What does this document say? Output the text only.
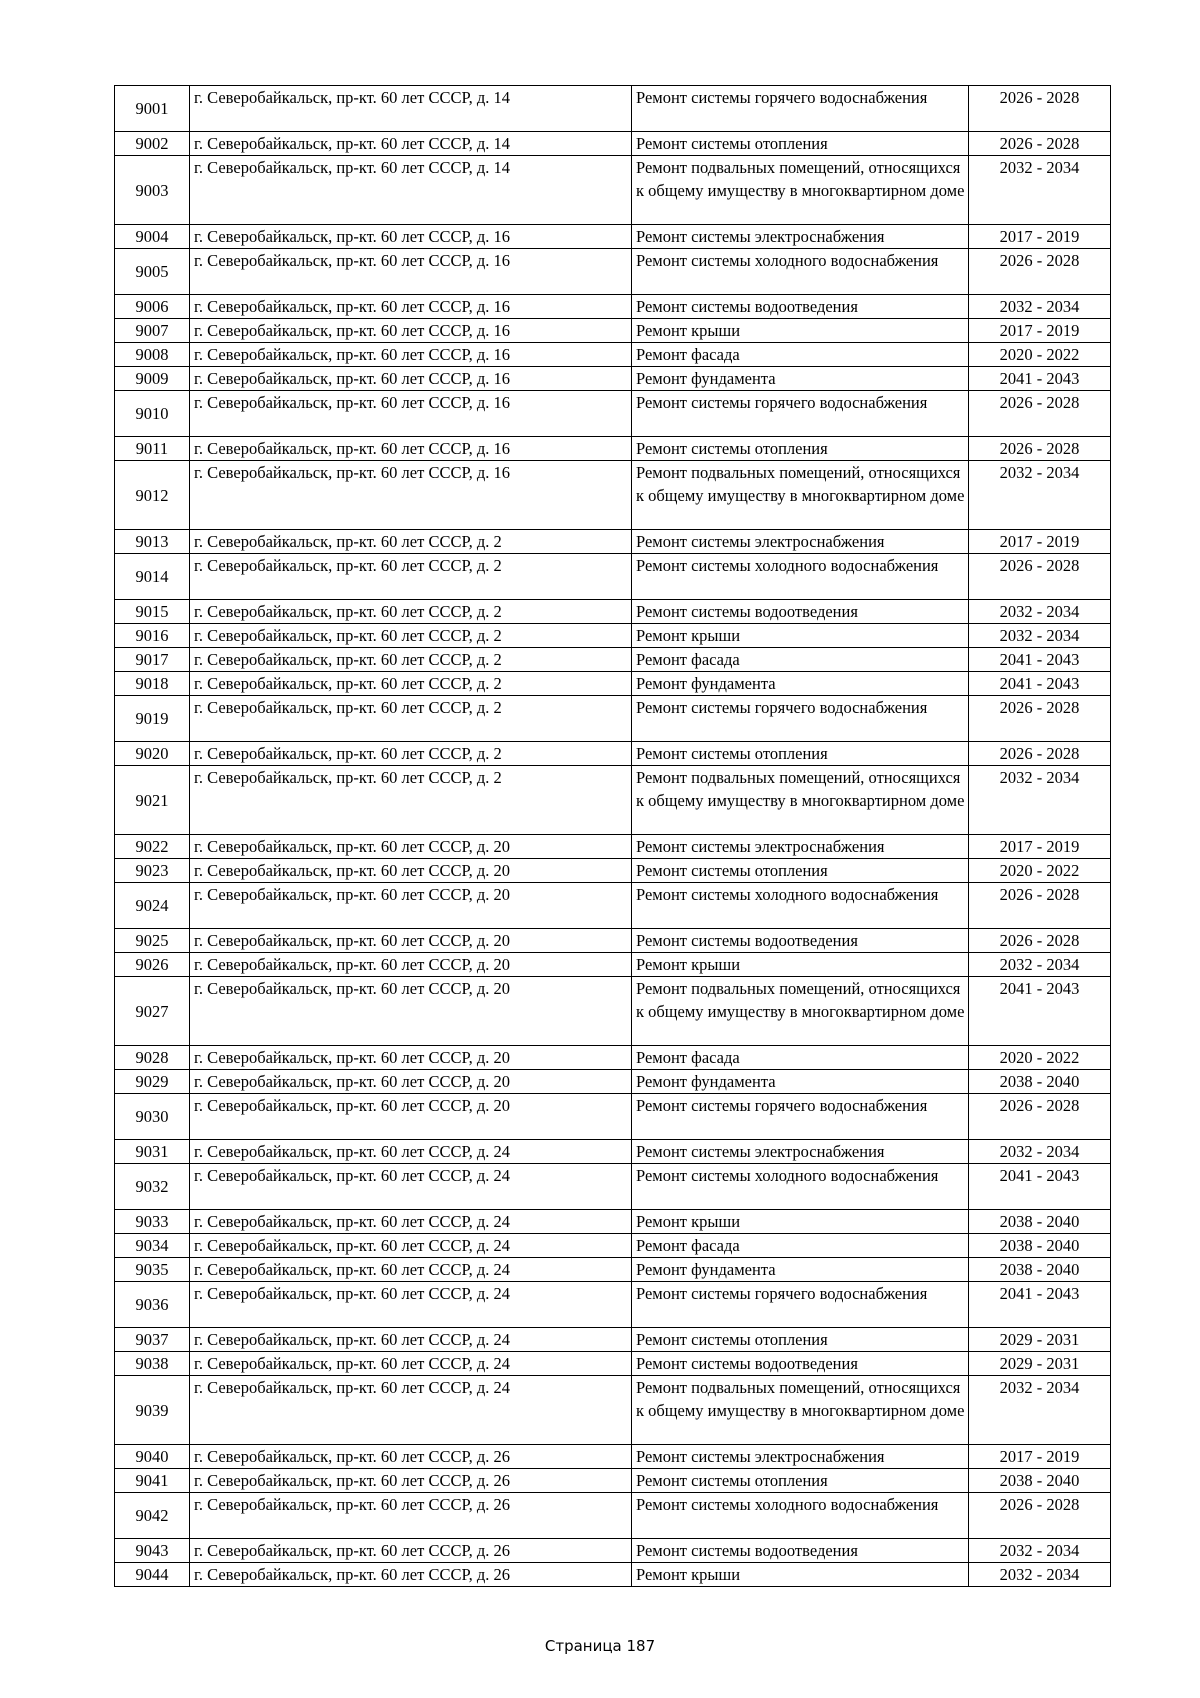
9001	г. Северобайкальск, пр-кт. 60 лет СССР, д. 14	Ремонт системы горячего водоснабжения	2026 - 2028
9002	г. Северобайкальск, пр-кт. 60 лет СССР, д. 14	Ремонт системы отопления	2026 - 2028
9003	г. Северобайкальск, пр-кт. 60 лет СССР, д. 14	Ремонт подвальных помещений, относящихся к общему имуществу в многоквартирном доме	2032 - 2034
9004	г. Северобайкальск, пр-кт. 60 лет СССР, д. 16	Ремонт системы электроснабжения	2017 - 2019
9005	г. Северобайкальск, пр-кт. 60 лет СССР, д. 16	Ремонт системы холодного водоснабжения	2026 - 2028
9006	г. Северобайкальск, пр-кт. 60 лет СССР, д. 16	Ремонт системы водоотведения	2032 - 2034
9007	г. Северобайкальск, пр-кт. 60 лет СССР, д. 16	Ремонт крыши	2017 - 2019
9008	г. Северобайкальск, пр-кт. 60 лет СССР, д. 16	Ремонт фасада	2020 - 2022
9009	г. Северобайкальск, пр-кт. 60 лет СССР, д. 16	Ремонт фундамента	2041 - 2043
9010	г. Северобайкальск, пр-кт. 60 лет СССР, д. 16	Ремонт системы горячего водоснабжения	2026 - 2028
9011	г. Северобайкальск, пр-кт. 60 лет СССР, д. 16	Ремонт системы отопления	2026 - 2028
9012	г. Северобайкальск, пр-кт. 60 лет СССР, д. 16	Ремонт подвальных помещений, относящихся к общему имуществу в многоквартирном доме	2032 - 2034
9013	г. Северобайкальск, пр-кт. 60 лет СССР, д. 2	Ремонт системы электроснабжения	2017 - 2019
9014	г. Северобайкальск, пр-кт. 60 лет СССР, д. 2	Ремонт системы холодного водоснабжения	2026 - 2028
9015	г. Северобайкальск, пр-кт. 60 лет СССР, д. 2	Ремонт системы водоотведения	2032 - 2034
9016	г. Северобайкальск, пр-кт. 60 лет СССР, д. 2	Ремонт крыши	2032 - 2034
9017	г. Северобайкальск, пр-кт. 60 лет СССР, д. 2	Ремонт фасада	2041 - 2043
9018	г. Северобайкальск, пр-кт. 60 лет СССР, д. 2	Ремонт фундамента	2041 - 2043
9019	г. Северобайкальск, пр-кт. 60 лет СССР, д. 2	Ремонт системы горячего водоснабжения	2026 - 2028
9020	г. Северобайкальск, пр-кт. 60 лет СССР, д. 2	Ремонт системы отопления	2026 - 2028
9021	г. Северобайкальск, пр-кт. 60 лет СССР, д. 2	Ремонт подвальных помещений, относящихся к общему имуществу в многоквартирном доме	2032 - 2034
9022	г. Северобайкальск, пр-кт. 60 лет СССР, д. 20	Ремонт системы электроснабжения	2017 - 2019
9023	г. Северобайкальск, пр-кт. 60 лет СССР, д. 20	Ремонт системы отопления	2020 - 2022
9024	г. Северобайкальск, пр-кт. 60 лет СССР, д. 20	Ремонт системы холодного водоснабжения	2026 - 2028
9025	г. Северобайкальск, пр-кт. 60 лет СССР, д. 20	Ремонт системы водоотведения	2026 - 2028
9026	г. Северобайкальск, пр-кт. 60 лет СССР, д. 20	Ремонт крыши	2032 - 2034
9027	г. Северобайкальск, пр-кт. 60 лет СССР, д. 20	Ремонт подвальных помещений, относящихся к общему имуществу в многоквартирном доме	2041 - 2043
9028	г. Северобайкальск, пр-кт. 60 лет СССР, д. 20	Ремонт фасада	2020 - 2022
9029	г. Северобайкальск, пр-кт. 60 лет СССР, д. 20	Ремонт фундамента	2038 - 2040
9030	г. Северобайкальск, пр-кт. 60 лет СССР, д. 20	Ремонт системы горячего водоснабжения	2026 - 2028
9031	г. Северобайкальск, пр-кт. 60 лет СССР, д. 24	Ремонт системы электроснабжения	2032 - 2034
9032	г. Северобайкальск, пр-кт. 60 лет СССР, д. 24	Ремонт системы холодного водоснабжения	2041 - 2043
9033	г. Северобайкальск, пр-кт. 60 лет СССР, д. 24	Ремонт крыши	2038 - 2040
9034	г. Северобайкальск, пр-кт. 60 лет СССР, д. 24	Ремонт фасада	2038 - 2040
9035	г. Северобайкальск, пр-кт. 60 лет СССР, д. 24	Ремонт фундамента	2038 - 2040
9036	г. Северобайкальск, пр-кт. 60 лет СССР, д. 24	Ремонт системы горячего водоснабжения	2041 - 2043
9037	г. Северобайкальск, пр-кт. 60 лет СССР, д. 24	Ремонт системы отопления	2029 - 2031
9038	г. Северобайкальск, пр-кт. 60 лет СССР, д. 24	Ремонт системы водоотведения	2029 - 2031
9039	г. Северобайкальск, пр-кт. 60 лет СССР, д. 24	Ремонт подвальных помещений, относящихся к общему имуществу в многоквартирном доме	2032 - 2034
9040	г. Северобайкальск, пр-кт. 60 лет СССР, д. 26	Ремонт системы электроснабжения	2017 - 2019
9041	г. Северобайкальск, пр-кт. 60 лет СССР, д. 26	Ремонт системы отопления	2038 - 2040
9042	г. Северобайкальск, пр-кт. 60 лет СССР, д. 26	Ремонт системы холодного водоснабжения	2026 - 2028
9043	г. Северобайкальск, пр-кт. 60 лет СССР, д. 26	Ремонт системы водоотведения	2032 - 2034
9044	г. Северобайкальск, пр-кт. 60 лет СССР, д. 26	Ремонт крыши	2032 - 2034
Страница 187
